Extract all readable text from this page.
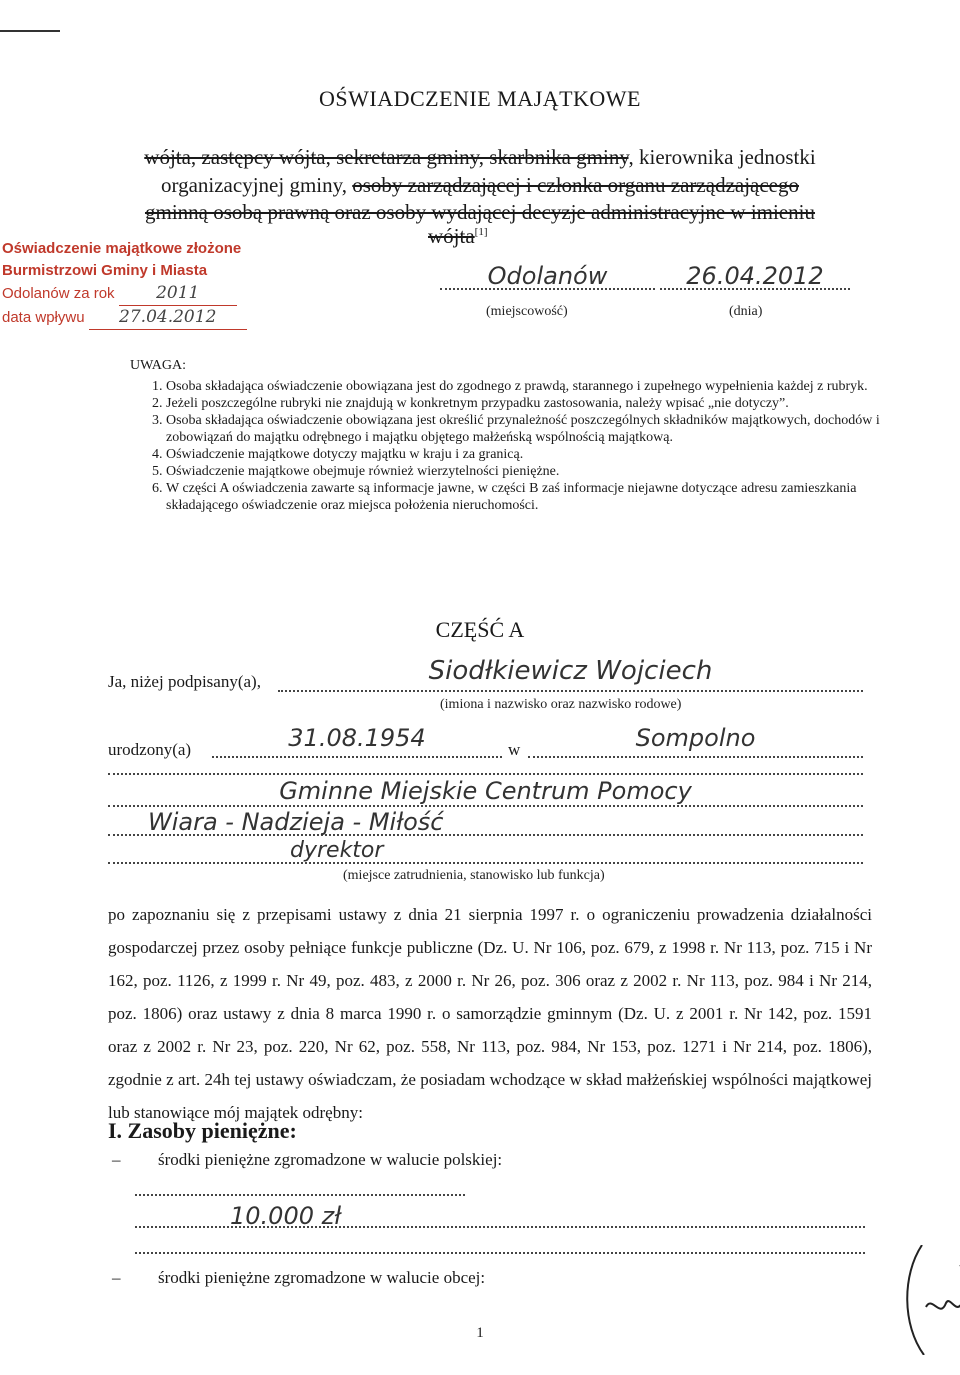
OŚWIADCZENIE MAJĄTKOWE
wójta, zastępcy wójta, sekretarza gminy, skarbnika gminy, kierownika jednostki
organizacyjnej gminy, osoby zarządzającej i członka organu zarządzającego
gminną osobą prawną oraz osoby wydającej decyzje administracyjne w imieniu
wójta[1]
Oświadczenie majątkowe złożone
Burmistrzowi Gminy i Miasta
Odolanów za rok 2011
data wpływu 27.04.2012
Odolanów	26.04.2012
(miejscowość)	(dnia)
UWAGA:
1. Osoba składająca oświadczenie obowiązana jest do zgodnego z prawdą, starannego i zupełnego wypełnienia każdej z rubryk.
2. Jeżeli poszczególne rubryki nie znajdują w konkretnym przypadku zastosowania, należy wpisać „nie dotyczy”.
3. Osoba składająca oświadczenie obowiązana jest określić przynależność poszczególnych składników majątkowych, dochodów i zobowiązań do majątku odrębnego i majątku objętego małżeńską wspólnością majątkową.
4. Oświadczenie majątkowe dotyczy majątku w kraju i za granicą.
5. Oświadczenie majątkowe obejmuje również wierzytelności pieniężne.
6. W części A oświadczenia zawarte są informacje jawne, w części B zaś informacje niejawne dotyczące adresu zamieszkania składającego oświadczenie oraz miejsca położenia nieruchomości.
CZĘŚĆ A
Ja, niżej podpisany(a),	Siodłkiewicz Wojciech
(imiona i nazwisko oraz nazwisko rodowe)
urodzony(a)	31.08.1954	w	Sompolno
Gminne Miejskie Centrum Pomocy
Wiara - Nadzieja - Miłość
dyrektor
(miejsce zatrudnienia, stanowisko lub funkcja)
po zapoznaniu się z przepisami ustawy z dnia 21 sierpnia 1997 r. o ograniczeniu prowadzenia działalności gospodarczej przez osoby pełniące funkcje publiczne (Dz. U. Nr 106, poz. 679, z 1998 r. Nr 113, poz. 715 i Nr 162, poz. 1126, z 1999 r. Nr 49, poz. 483, z 2000 r. Nr 26, poz. 306 oraz z 2002 r. Nr 113, poz. 984 i Nr 214, poz. 1806) oraz ustawy z dnia 8 marca 1990 r. o samorządzie gminnym (Dz. U. z 2001 r. Nr 142, poz. 1591 oraz z 2002 r. Nr 23, poz. 220, Nr 62, poz. 558, Nr 113, poz. 984, Nr 153, poz. 1271 i Nr 214, poz. 1806), zgodnie z art. 24h tej ustawy oświadczam, że posiadam wchodzące w skład małżeńskiej wspólności majątkowej lub stanowiące mój majątek odrębny:
I. Zasoby pieniężne:
– środki pieniężne zgromadzone w walucie polskiej:
10.000 zł
– środki pieniężne zgromadzone w walucie obcej:
1
